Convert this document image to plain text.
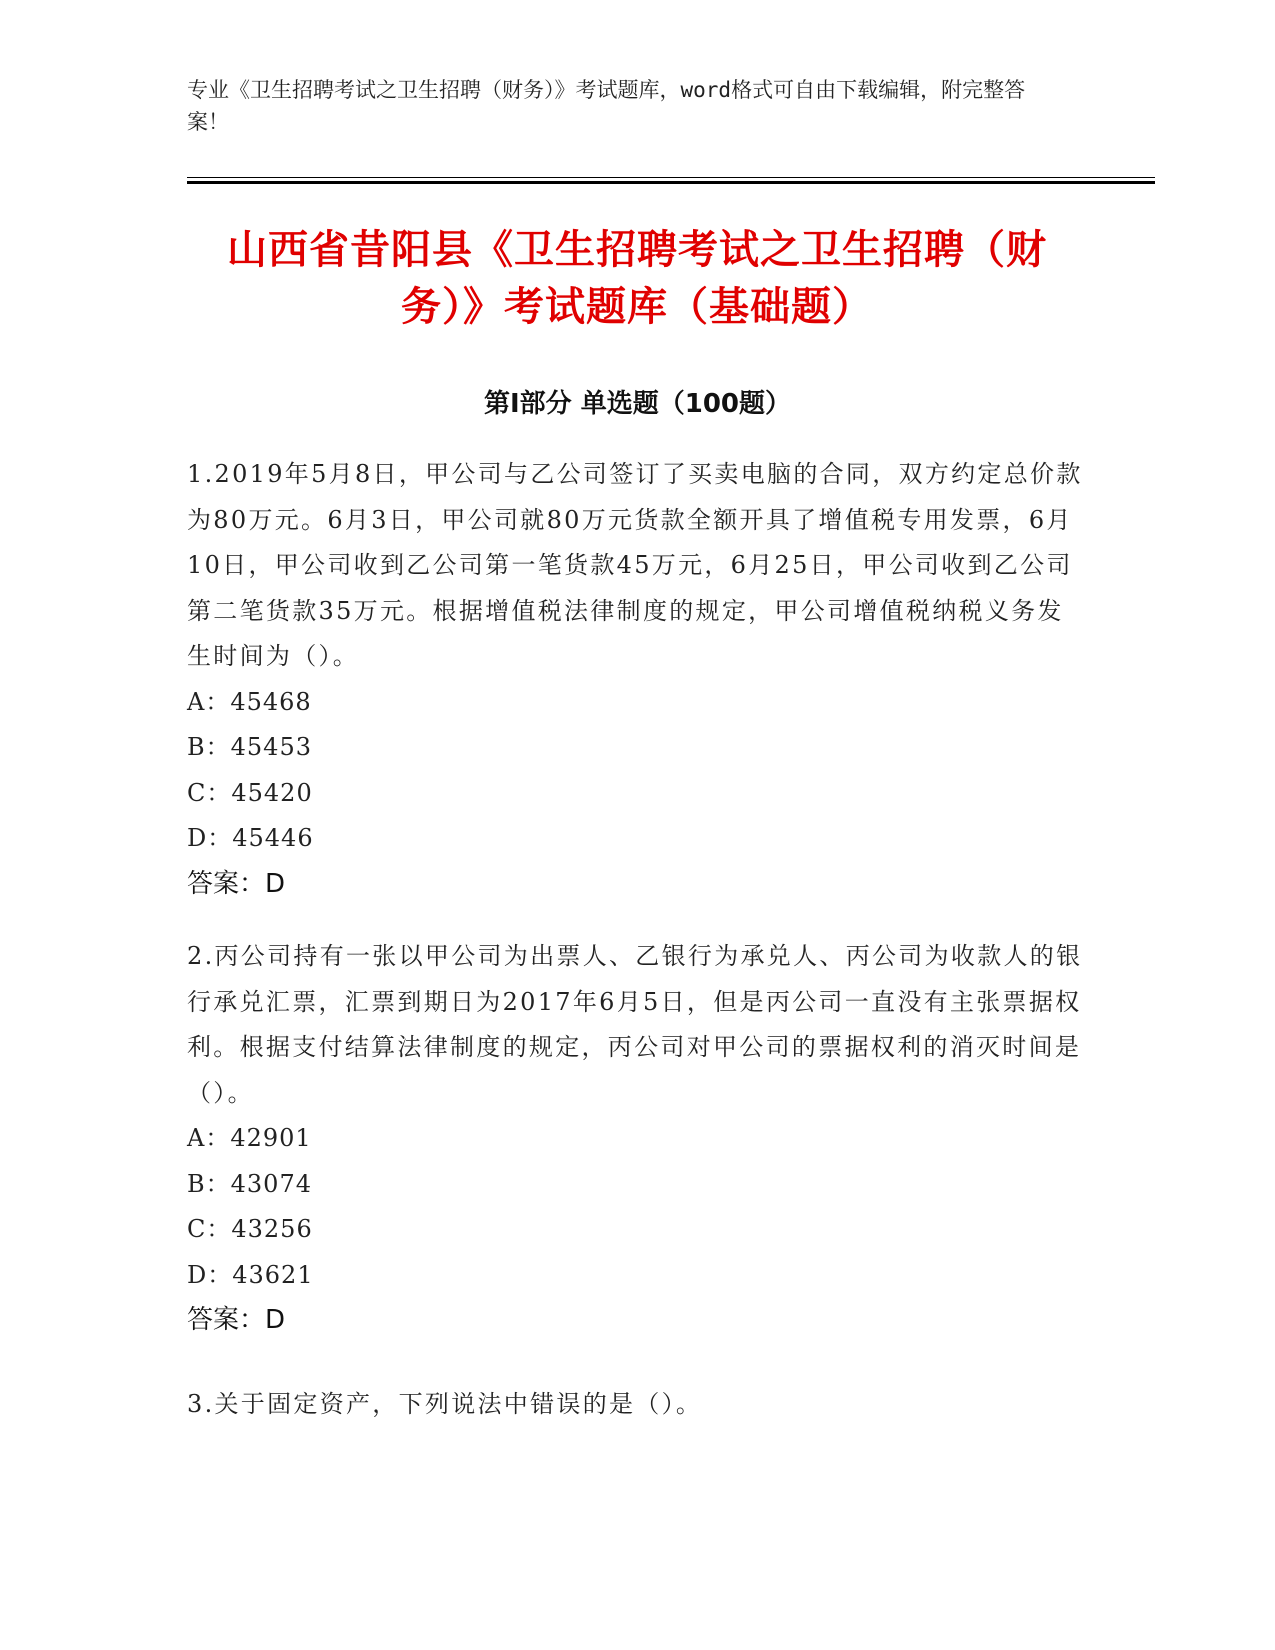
专业《卫生招聘考试之卫生招聘（财务）》考试题库，word格式可自由下载编辑，附完整答案！

山西省昔阳县《卫生招聘考试之卫生招聘（财务）》考试题库（基础题）
第I部分 单选题（100题）

1.2019年5月8日，甲公司与乙公司签订了买卖电脑的合同，双方约定总价款为80万元。6月3日，甲公司就80万元货款全额开具了增值税专用发票，6月10日，甲公司收到乙公司第一笔货款45万元，6月25日，甲公司收到乙公司第二笔货款35万元。根据增值税法律制度的规定，甲公司增值税纳税义务发生时间为（）。

A：45468

B：45453

C：45420

D：45446

答案：D

2.丙公司持有一张以甲公司为出票人、乙银行为承兑人、丙公司为收款人的银行承兑汇票，汇票到期日为2017年6月5日，但是丙公司一直没有主张票据权利。根据支付结算法律制度的规定，丙公司对甲公司的票据权利的消灭时间是（）。

A：42901

B：43074

C：43256

D：43621

答案：D

3.关于固定资产，下列说法中错误的是（）。
